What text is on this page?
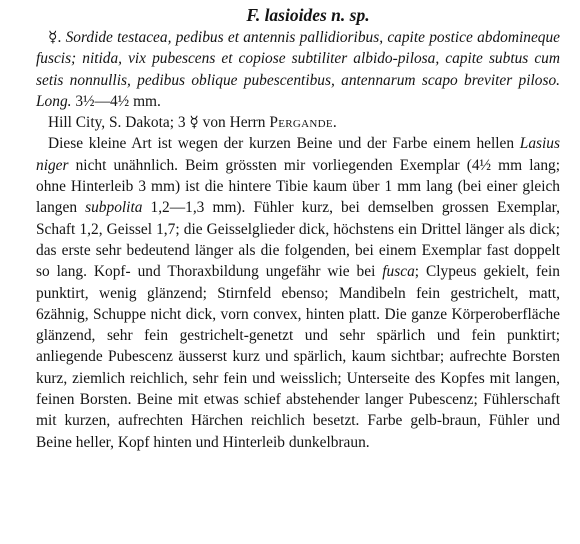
F. lasioides n. sp.

☿. Sordide testacea, pedibus et antennis pallidioribus, capite postice abdomineque fuscis; nitida, vix pubescens et copiose subtiliter albido-pilosa, capite subtus cum setis nonnullis, pedibus oblique pubescentibus, antennarum scapo breviter piloso. Long. 3½—4½ mm.

Hill City, S. Dakota; 3 ☿ von Herrn Pergande.

Diese kleine Art ist wegen der kurzen Beine und der Farbe einem hellen Lasius niger nicht unähnlich. Beim grössten mir vorliegenden Exemplar (4½ mm lang; ohne Hinterleib 3 mm) ist die hintere Tibie kaum über 1 mm lang (bei einer gleich langen subpolita 1,2—1,3 mm). Fühler kurz, bei demselben grossen Exemplar, Schaft 1,2, Geissel 1,7; die Geisselglieder dick, höchstens ein Drittel länger als dick; das erste sehr bedeutend länger als die folgenden, bei einem Exemplar fast doppelt so lang. Kopf- und Thoraxbildung ungefähr wie bei fusca; Clypeus gekielt, fein punktirt, wenig glänzend; Stirnfeld ebenso; Mandibeln fein gestrichelt, matt, 6zähnig, Schuppe nicht dick, vorn convex, hinten platt. Die ganze Körperoberfläche glänzend, sehr fein gestrichelt-genetzt und sehr spärlich und fein punktirt; anliegende Pubescenz äusserst kurz und spärlich, kaum sichtbar; aufrechte Borsten kurz, ziemlich reichlich, sehr fein und weisslich; Unterseite des Kopfes mit langen, feinen Borsten. Beine mit etwas schief abstehender langer Pubescenz; Fühlerschaft mit kurzen, aufrechten Härchen reichlich besetzt. Farbe gelb-braun, Fühler und Beine heller, Kopf hinten und Hinterleib dunkelbraun.
